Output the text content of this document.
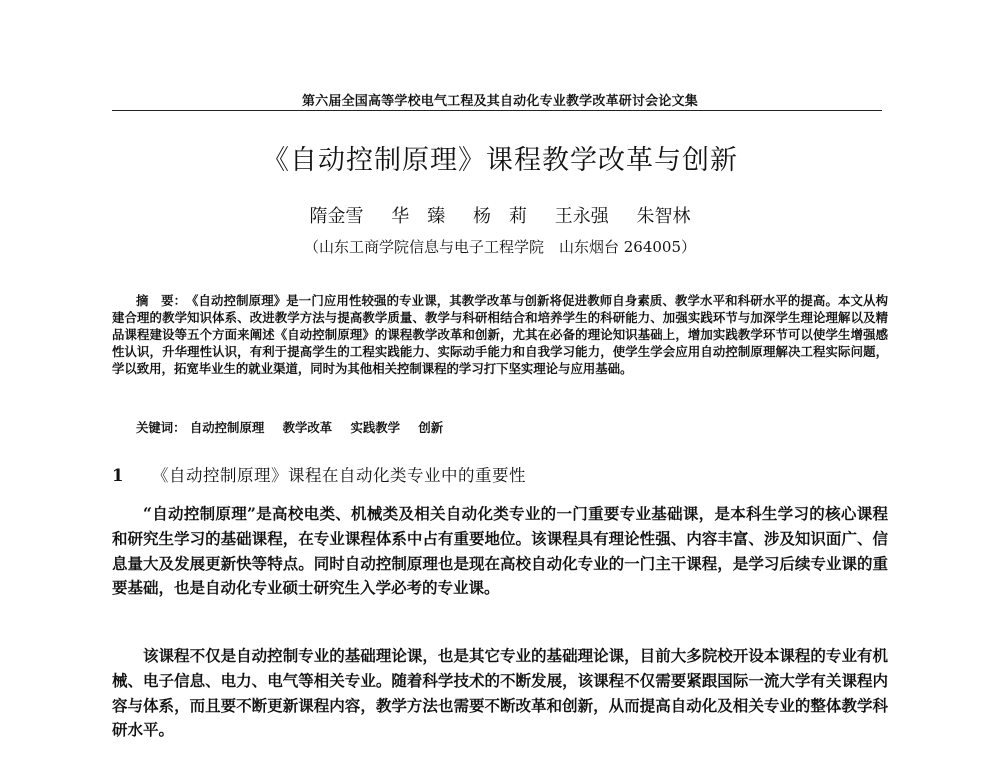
第六届全国高等学校电气工程及其自动化专业教学改革研讨会论文集
《自动控制原理》课程教学改革与创新
隋金雪 华　臻 杨　莉 王永强 朱智林
（山东工商学院信息与电子工程学院　山东烟台 264005）
摘　要： 《自动控制原理》是一门应用性较强的专业课，其教学改革与创新将促进教师自身素质、教学水平和科研水平的提高。本文从构建合理的教学知识体系、改进教学方法与提高教学质量、教学与科研相结合和培养学生的科研能力、加强实践环节与加深学生理论理解以及精品课程建设等五个方面来阐述《自动控制原理》的课程教学改革和创新，尤其在必备的理论知识基础上，增加实践教学环节可以使学生增强感性认识，升华理性认识，有利于提高学生的工程实践能力、实际动手能力和自我学习能力，使学生学会应用自动控制原理解决工程实际问题，学以致用，拓宽毕业生的就业渠道，同时为其他相关控制课程的学习打下坚实理论与应用基础。
关键词： 自动控制原理 教学改革 实践教学 创新
1 《自动控制原理》课程在自动化类专业中的重要性
“自动控制原理”是高校电类、机械类及相关自动化类专业的一门重要专业基础课，是本科生学习的核心课程和研究生学习的基础课程，在专业课程体系中占有重要地位。该课程具有理论性强、内容丰富、涉及知识面广、信息量大及发展更新快等特点。同时自动控制原理也是现在高校自动化专业的一门主干课程，是学习后续专业课的重要基础，也是自动化专业硕士研究生入学必考的专业课。
该课程不仅是自动控制专业的基础理论课，也是其它专业的基础理论课，目前大多院校开设本课程的专业有机械、电子信息、电力、电气等相关专业。随着科学技术的不断发展，该课程不仅需要紧跟国际一流大学有关课程内容与体系，而且要不断更新课程内容，教学方法也需要不断改革和创新，从而提高自动化及相关专业的整体教学科研水平。
